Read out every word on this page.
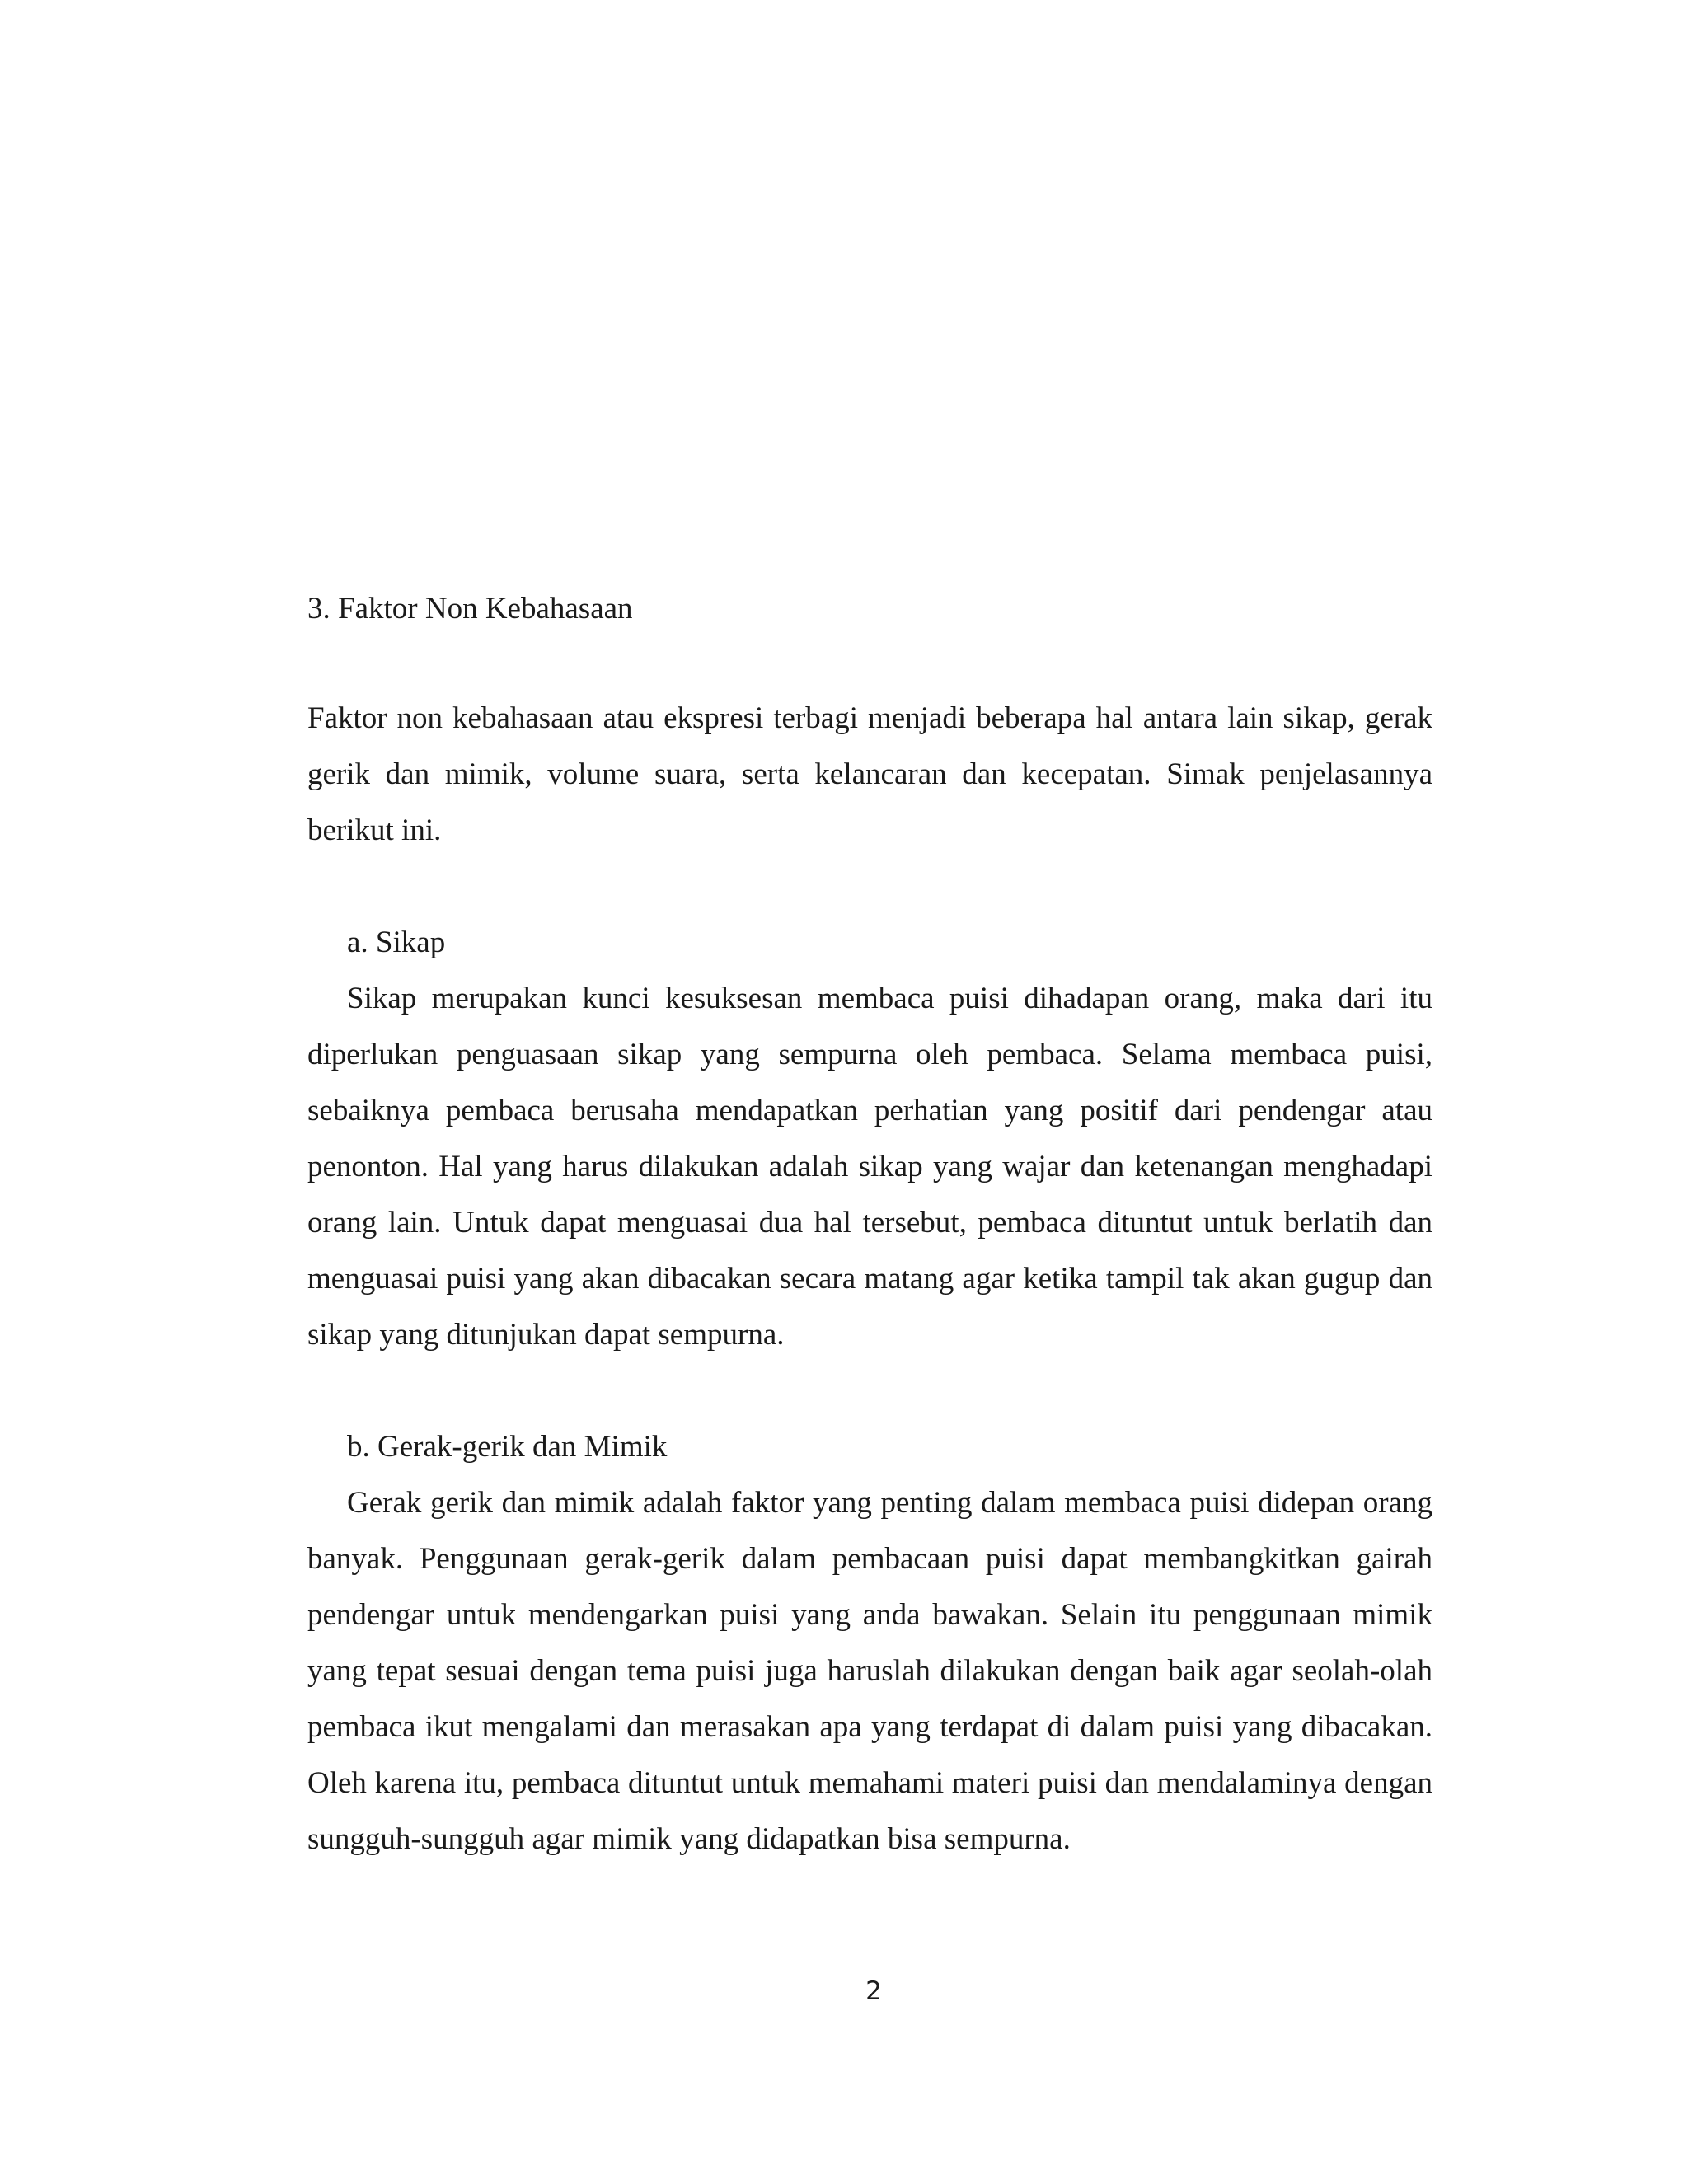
3. Faktor Non Kebahasaan

Faktor non kebahasaan atau ekspresi terbagi menjadi beberapa hal antara lain sikap, gerak gerik dan mimik, volume suara, serta kelancaran dan kecepatan. Simak penjelasannya berikut ini.

a. Sikap

Sikap merupakan kunci kesuksesan membaca puisi dihadapan orang, maka dari itu diperlukan penguasaan sikap yang sempurna oleh pembaca. Selama membaca puisi, sebaiknya pembaca berusaha mendapatkan perhatian yang positif dari pendengar atau penonton. Hal yang harus dilakukan adalah sikap yang wajar dan ketenangan menghadapi orang lain. Untuk dapat menguasai dua hal tersebut, pembaca dituntut untuk berlatih dan menguasai puisi yang akan dibacakan secara matang agar ketika tampil tak akan gugup dan sikap yang ditunjukan dapat sempurna.

b. Gerak-gerik dan Mimik

Gerak gerik dan mimik adalah faktor yang penting dalam membaca puisi didepan orang banyak. Penggunaan gerak-gerik dalam pembacaan puisi dapat membangkitkan gairah pendengar untuk mendengarkan puisi yang anda bawakan. Selain itu penggunaan mimik yang tepat sesuai dengan tema puisi juga haruslah dilakukan dengan baik agar seolah-olah pembaca ikut mengalami dan merasakan apa yang terdapat di dalam puisi yang dibacakan. Oleh karena itu, pembaca dituntut untuk memahami materi puisi dan mendalaminya dengan sungguh-sungguh agar mimik yang didapatkan bisa sempurna.

2
